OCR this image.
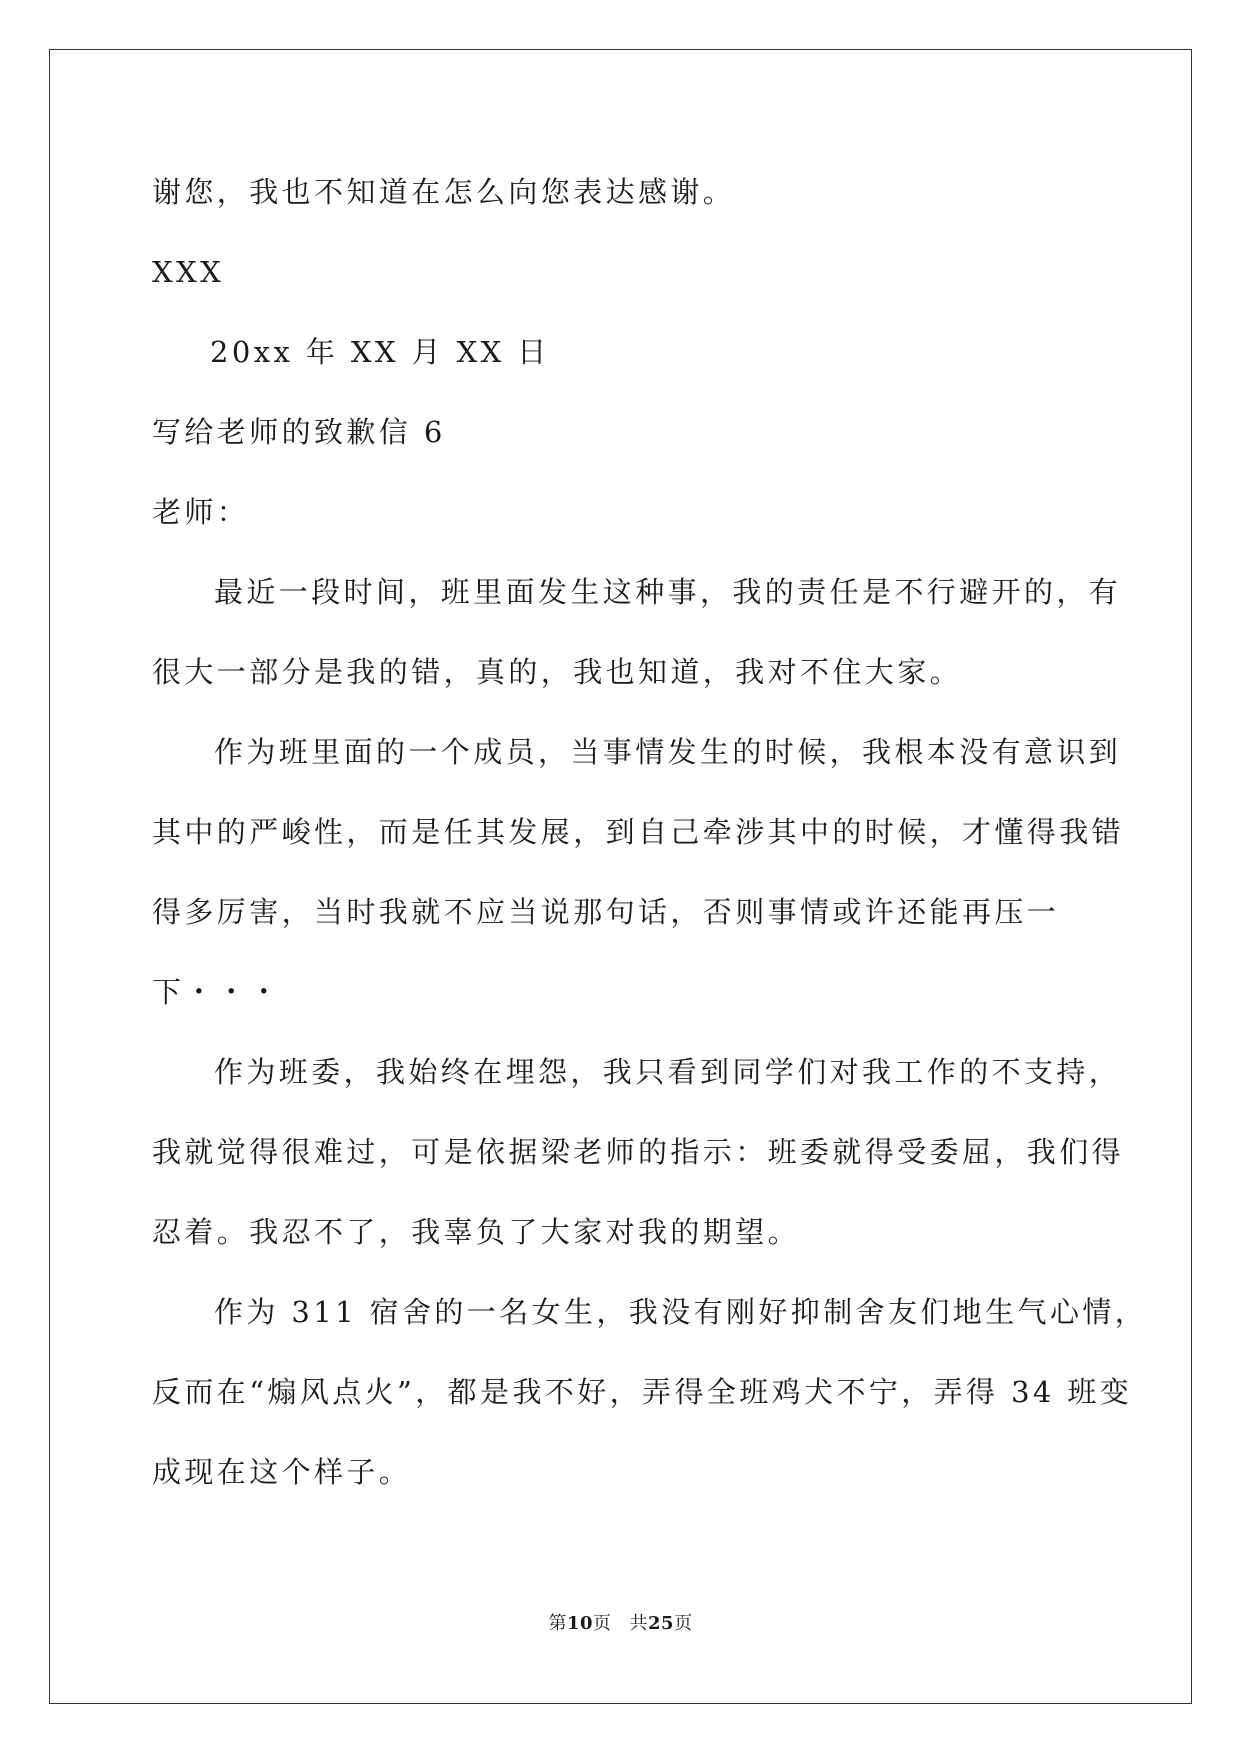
谢您，我也不知道在怎么向您表达感谢。
XXX
20xx 年 XX 月 XX 日
写给老师的致歉信 6
老师：
最近一段时间，班里面发生这种事，我的责任是不行避开的，有
很大一部分是我的错，真的，我也知道，我对不住大家。
作为班里面的一个成员，当事情发生的时候，我根本没有意识到
其中的严峻性，而是任其发展，到自己牵涉其中的时候，才懂得我错
得多厉害，当时我就不应当说那句话，否则事情或许还能再压一
下・・・
作为班委，我始终在埋怨，我只看到同学们对我工作的不支持，
我就觉得很难过，可是依据梁老师的指示：班委就得受委屈，我们得
忍着。我忍不了，我辜负了大家对我的期望。
作为 311 宿舍的一名女生，我没有刚好抑制舍友们地生气心情，
反而在“煽风点火”，都是我不好，弄得全班鸡犬不宁，弄得 34 班变
成现在这个样子。
第10页 共25页
